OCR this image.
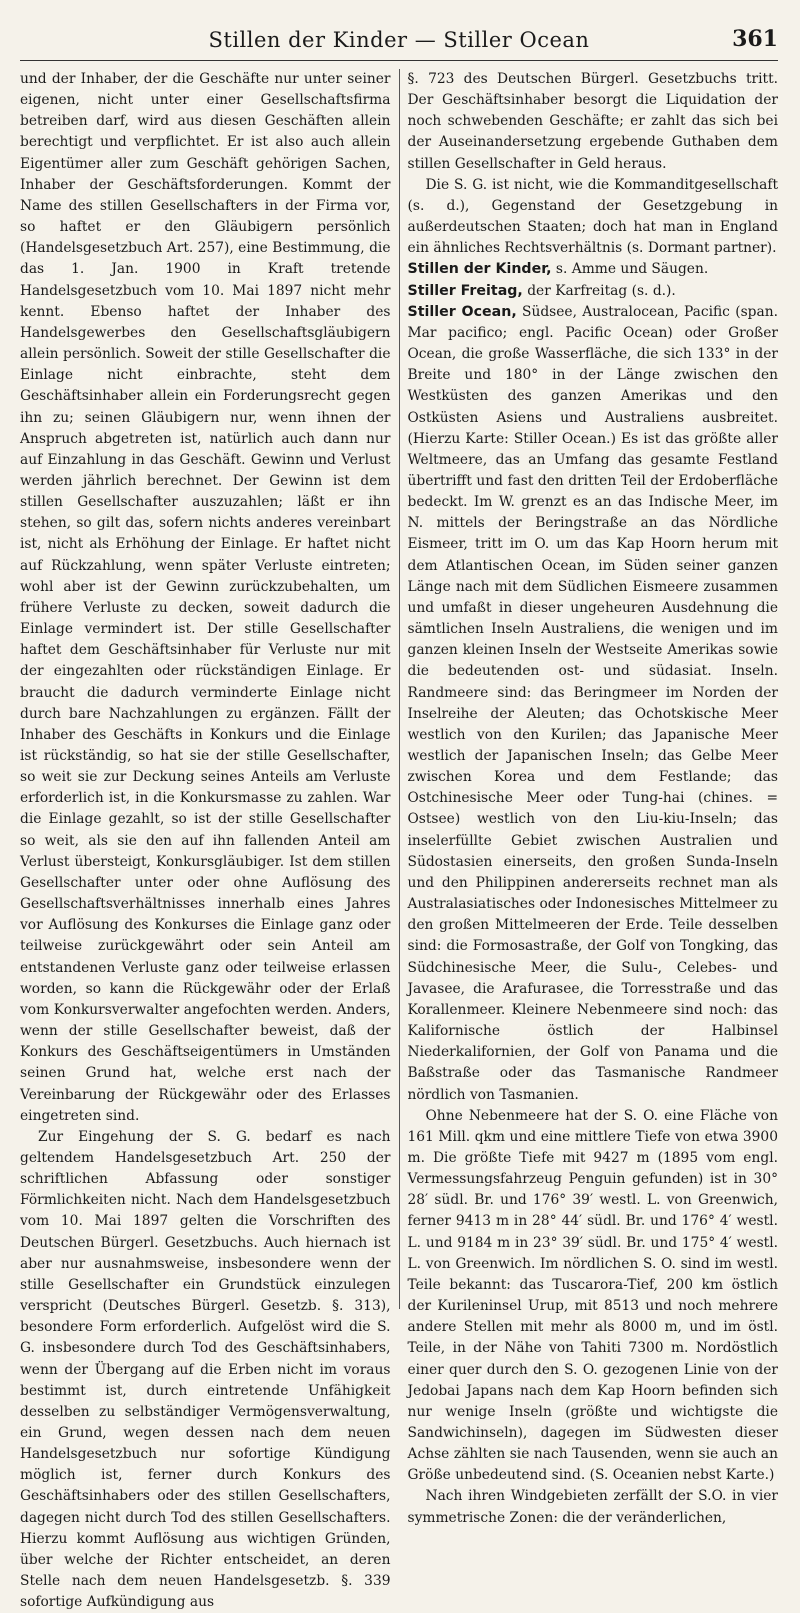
Stillen der Kinder — Stiller Ocean	361

und der Inhaber, der die Geschäfte nur unter seiner eigenen, nicht unter einer Gesellschaftsfirma betreiben darf, wird aus diesen Geschäften allein berechtigt und verpflichtet. Er ist also auch allein Eigentümer aller zum Geschäft gehörigen Sachen, Inhaber der Geschäftsforderungen. Kommt der Name des stillen Gesellschafters in der Firma vor, so haftet er den Gläubigern persönlich (Handelsgesetzbuch Art. 257), eine Bestimmung, die das 1. Jan. 1900 in Kraft tretende Handelsgesetzbuch vom 10. Mai 1897 nicht mehr kennt. Ebenso haftet der Inhaber des Handelsgewerbes den Gesellschaftsgläubigern allein persönlich. Soweit der stille Gesellschafter die Einlage nicht einbrachte, steht dem Geschäftsinhaber allein ein Forderungsrecht gegen ihn zu; seinen Gläubigern nur, wenn ihnen der Anspruch abgetreten ist, natürlich auch dann nur auf Einzahlung in das Geschäft. Gewinn und Verlust werden jährlich berechnet. Der Gewinn ist dem stillen Gesellschafter auszuzahlen; läßt er ihn stehen, so gilt das, sofern nichts anderes vereinbart ist, nicht als Erhöhung der Einlage. Er haftet nicht auf Rückzahlung, wenn später Verluste eintreten; wohl aber ist der Gewinn zurückzubehalten, um frühere Verluste zu decken, soweit dadurch die Einlage vermindert ist. Der stille Gesellschafter haftet dem Geschäftsinhaber für Verluste nur mit der eingezahlten oder rückständigen Einlage. Er braucht die dadurch verminderte Einlage nicht durch bare Nachzahlungen zu ergänzen. Fällt der Inhaber des Geschäfts in Konkurs und die Einlage ist rückständig, so hat sie der stille Gesellschafter, so weit sie zur Deckung seines Anteils am Verluste erforderlich ist, in die Konkursmasse zu zahlen. War die Einlage gezahlt, so ist der stille Gesellschafter so weit, als sie den auf ihn fallenden Anteil am Verlust übersteigt, Konkursgläubiger. Ist dem stillen Gesellschafter unter oder ohne Auflösung des Gesellschaftsverhältnisses innerhalb eines Jahres vor Auflösung des Konkurses die Einlage ganz oder teilweise zurückgewährt oder sein Anteil am entstandenen Verluste ganz oder teilweise erlassen worden, so kann die Rückgewähr oder der Erlaß vom Konkursverwalter angefochten werden. Anders, wenn der stille Gesellschafter beweist, daß der Konkurs des Geschäftseigentümers in Umständen seinen Grund hat, welche erst nach der Vereinbarung der Rückgewähr oder des Erlasses eingetreten sind.

Zur Eingehung der S. G. bedarf es nach geltendem Handelsgesetzbuch Art. 250 der schriftlichen Abfassung oder sonstiger Förmlichkeiten nicht. Nach dem Handelsgesetzbuch vom 10. Mai 1897 gelten die Vorschriften des Deutschen Bürgerl. Gesetzbuchs. Auch hiernach ist aber nur ausnahmsweise, insbesondere wenn der stille Gesellschafter ein Grundstück einzulegen verspricht (Deutsches Bürgerl. Gesetzb. §. 313), besondere Form erforderlich. Aufgelöst wird die S. G. insbesondere durch Tod des Geschäftsinhabers, wenn der Übergang auf die Erben nicht im voraus bestimmt ist, durch eintretende Unfähigkeit desselben zu selbständiger Vermögensverwaltung, ein Grund, wegen dessen nach dem neuen Handelsgesetzbuch nur sofortige Kündigung möglich ist, ferner durch Konkurs des Geschäftsinhabers oder des stillen Gesellschafters, dagegen nicht durch Tod des stillen Gesellschafters. Hierzu kommt Auflösung aus wichtigen Gründen, über welche der Richter entscheidet, an deren Stelle nach dem neuen Handelsgesetzb. §. 339 sofortige Aufkündigung aus

§. 723 des Deutschen Bürgerl. Gesetzbuchs tritt. Der Geschäftsinhaber besorgt die Liquidation der noch schwebenden Geschäfte; er zahlt das sich bei der Auseinandersetzung ergebende Guthaben dem stillen Gesellschafter in Geld heraus.

Die S. G. ist nicht, wie die Kommanditgesellschaft (s. d.), Gegenstand der Gesetzgebung in außerdeutschen Staaten; doch hat man in England ein ähnliches Rechtsverhältnis (s. Dormant partner).

Stillen der Kinder, s. Amme und Säugen.

Stiller Freitag, der Karfreitag (s. d.).

Stiller Ocean, Südsee, Australocean, Pacific (span. Mar pacifico; engl. Pacific Ocean) oder Großer Ocean, die große Wasserfläche, die sich 133° in der Breite und 180° in der Länge zwischen den Westküsten des ganzen Amerikas und den Ostküsten Asiens und Australiens ausbreitet. (Hierzu Karte: Stiller Ocean.) Es ist das größte aller Weltmeere, das an Umfang das gesamte Festland übertrifft und fast den dritten Teil der Erdoberfläche bedeckt. Im W. grenzt es an das Indische Meer, im N. mittels der Beringstraße an das Nördliche Eismeer, tritt im O. um das Kap Hoorn herum mit dem Atlantischen Ocean, im Süden seiner ganzen Länge nach mit dem Südlichen Eismeere zusammen und umfaßt in dieser ungeheuren Ausdehnung die sämtlichen Inseln Australiens, die wenigen und im ganzen kleinen Inseln der Westseite Amerikas sowie die bedeutenden ost- und südasiat. Inseln. Randmeere sind: das Beringmeer im Norden der Inselreihe der Aleuten; das Ochotskische Meer westlich von den Kurilen; das Japanische Meer westlich der Japanischen Inseln; das Gelbe Meer zwischen Korea und dem Festlande; das Ostchinesische Meer oder Tung-hai (chines. = Ostsee) westlich von den Liu-kiu-Inseln; das inselerfüllte Gebiet zwischen Australien und Südostasien einerseits, den großen Sunda-Inseln und den Philippinen andererseits rechnet man als Australasiatisches oder Indonesisches Mittelmeer zu den großen Mittelmeeren der Erde. Teile desselben sind: die Formosastraße, der Golf von Tongking, das Südchinesische Meer, die Sulu-, Celebes- und Javasee, die Arafurasee, die Torresstraße und das Korallenmeer. Kleinere Nebenmeere sind noch: das Kalifornische östlich der Halbinsel Niederkalifornien, der Golf von Panama und die Baßstraße oder das Tasmanische Randmeer nördlich von Tasmanien.

Ohne Nebenmeere hat der S. O. eine Fläche von 161 Mill. qkm und eine mittlere Tiefe von etwa 3900 m. Die größte Tiefe mit 9427 m (1895 vom engl. Vermessungsfahrzeug Penguin gefunden) ist in 30° 28′ südl. Br. und 176° 39′ westl. L. von Greenwich, ferner 9413 m in 28° 44′ südl. Br. und 176° 4′ westl. L. und 9184 m in 23° 39′ südl. Br. und 175° 4′ westl. L. von Greenwich. Im nördlichen S. O. sind im westl. Teile bekannt: das Tuscarora-Tief, 200 km östlich der Kurileninsel Urup, mit 8513 und noch mehrere andere Stellen mit mehr als 8000 m, und im östl. Teile, in der Nähe von Tahiti 7300 m. Nordöstlich einer quer durch den S. O. gezogenen Linie von der Jedobai Japans nach dem Kap Hoorn befinden sich nur wenige Inseln (größte und wichtigste die Sandwichinseln), dagegen im Südwesten dieser Achse zählten sie nach Tausenden, wenn sie auch an Größe unbedeutend sind. (S. Oceanien nebst Karte.)

Nach ihren Windgebieten zerfällt der S.O. in vier symmetrische Zonen: die der veränderlichen,
